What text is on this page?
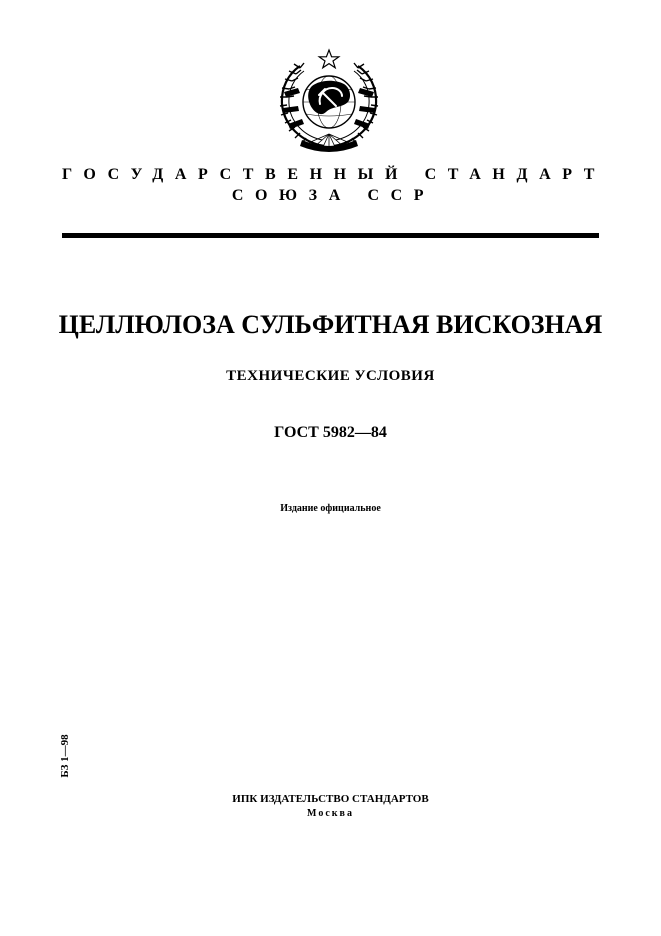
ГОСУДАРСТВЕННЫЙ СТАНДАРТ
СОЮЗА ССР
ЦЕЛЛЮЛОЗА СУЛЬФИТНАЯ ВИСКОЗНАЯ
ТЕХНИЧЕСКИЕ УСЛОВИЯ
ГОСТ 5982—84
Издание официальное
БЗ 1—98
ИПК ИЗДАТЕЛЬСТВО СТАНДАРТОВ
Москва
